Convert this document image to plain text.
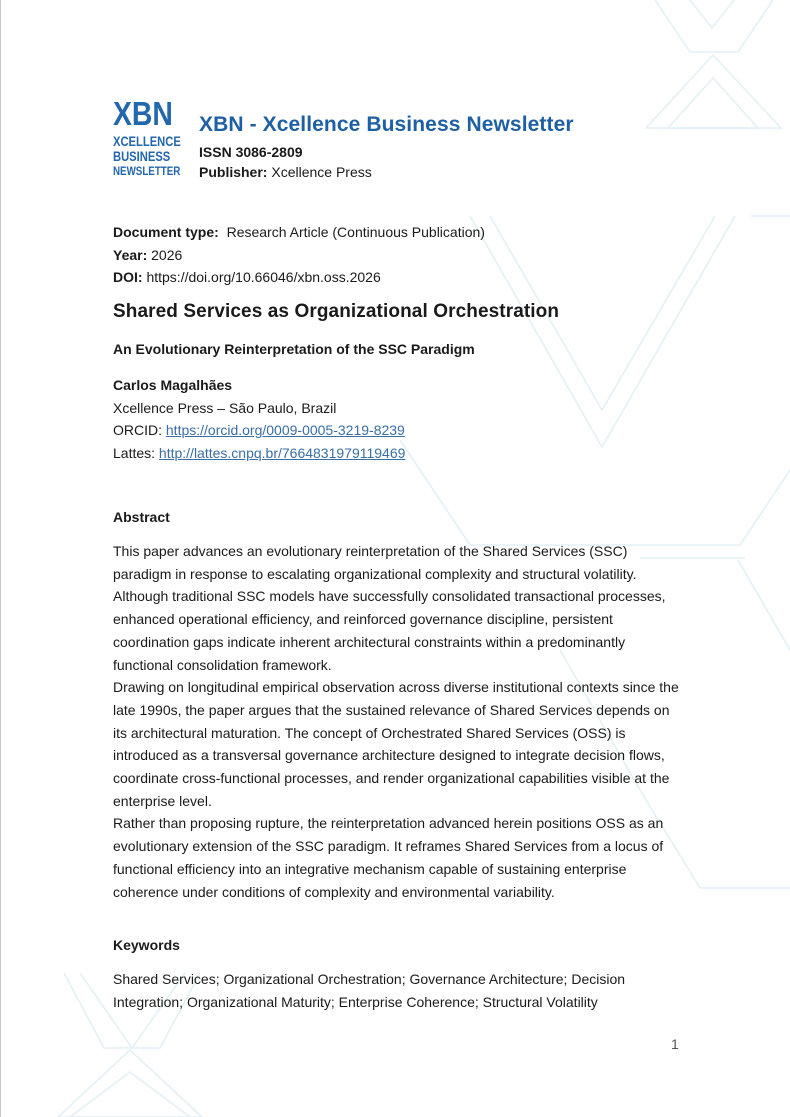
XBN
XCELLENCE
BUSINESS
NEWSLETTER
XBN - Xcellence Business Newsletter
ISSN 3086-2809
Publisher: Xcellence Press
Document type: Research Article (Continuous Publication)
Year: 2026
DOI: https://doi.org/10.66046/xbn.oss.2026
Shared Services as Organizational Orchestration
An Evolutionary Reinterpretation of the SSC Paradigm
Carlos Magalhães
Xcellence Press – São Paulo, Brazil
ORCID: https://orcid.org/0009-0005-3219-8239
Lattes: http://lattes.cnpq.br/7664831979119469
Abstract

This paper advances an evolutionary reinterpretation of the Shared Services (SSC) paradigm in response to escalating organizational complexity and structural volatility. Although traditional SSC models have successfully consolidated transactional processes, enhanced operational efficiency, and reinforced governance discipline, persistent coordination gaps indicate inherent architectural constraints within a predominantly functional consolidation framework.

Drawing on longitudinal empirical observation across diverse institutional contexts since the late 1990s, the paper argues that the sustained relevance of Shared Services depends on its architectural maturation. The concept of Orchestrated Shared Services (OSS) is introduced as a transversal governance architecture designed to integrate decision flows, coordinate cross-functional processes, and render organizational capabilities visible at the enterprise level.

Rather than proposing rupture, the reinterpretation advanced herein positions OSS as an evolutionary extension of the SSC paradigm. It reframes Shared Services from a locus of functional efficiency into an integrative mechanism capable of sustaining enterprise coherence under conditions of complexity and environmental variability.

Keywords
Shared Services; Organizational Orchestration; Governance Architecture; Decision Integration; Organizational Maturity; Enterprise Coherence; Structural Volatility
1
